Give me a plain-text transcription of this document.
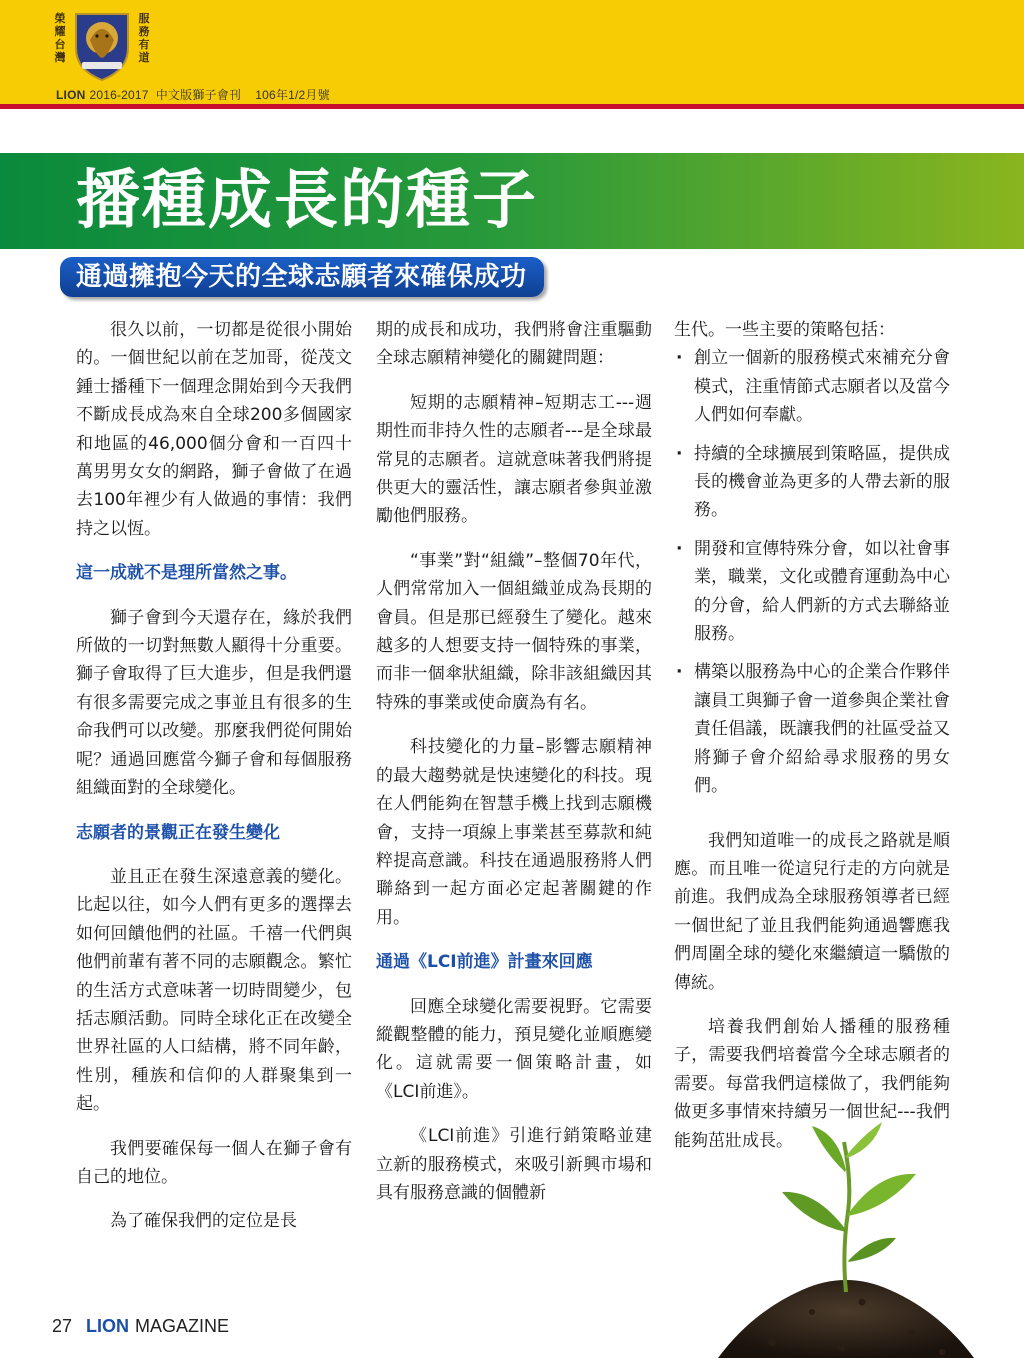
榮
耀
台
灣
服
務
有
道
LION 2016-2017  中文版獅子會刊    106年1/2月號
播種成長的種子
通過擁抱今天的全球志願者來確保成功

很久以前，一切都是從很小開始的。一個世紀以前在芝加哥，從茂文鍾士播種下一個理念開始到今天我們不斷成長成為來自全球200多個國家和地區的46,000個分會和一百四十萬男男女女的網路，獅子會做了在過去100年裡少有人做過的事情：我們持之以恆。

這一成就不是理所當然之事。

獅子會到今天還存在，緣於我們所做的一切對無數人顯得十分重要。獅子會取得了巨大進步，但是我們還有很多需要完成之事並且有很多的生命我們可以改變。那麼我們從何開始呢？通過回應當今獅子會和每個服務組織面對的全球變化。

志願者的景觀正在發生變化

並且正在發生深遠意義的變化。比起以往，如今人們有更多的選擇去如何回饋他們的社區。千禧一代們與他們前輩有著不同的志願觀念。繁忙的生活方式意味著一切時間變少，包括志願活動。同時全球化正在改變全世界社區的人口結構，將不同年齡，性別，種族和信仰的人群聚集到一起。

我們要確保每一個人在獅子會有自己的地位。

為了確保我們的定位是長

期的成長和成功，我們將會注重驅動全球志願精神變化的關鍵問題：

短期的志願精神–短期志工---週期性而非持久性的志願者---是全球最常見的志願者。這就意味著我們將提供更大的靈活性，讓志願者參與並激勵他們服務。

“事業”對“組織”–整個70年代，人們常常加入一個組織並成為長期的會員。但是那已經發生了變化。越來越多的人想要支持一個特殊的事業，而非一個傘狀組織，除非該組織因其特殊的事業或使命廣為有名。

科技變化的力量–影響志願精神的最大趨勢就是快速變化的科技。現在人們能夠在智慧手機上找到志願機會，支持一項線上事業甚至募款和純粹提高意識。科技在通過服務將人們聯絡到一起方面必定起著關鍵的作用。

通過《LCI前進》計畫來回應

回應全球變化需要視野。它需要縱觀整體的能力，預見變化並順應變化。這就需要一個策略計畫，如《LCI前進》。

《LCI前進》引進行銷策略並建立新的服務模式，來吸引新興市場和具有服務意識的個體新

生代。一些主要的策略包括：

· 創立一個新的服務模式來補充分會模式，注重情節式志願者以及當今人們如何奉獻。
· 持續的全球擴展到策略區，提供成長的機會並為更多的人帶去新的服務。
· 開發和宣傳特殊分會，如以社會事業，職業，文化或體育運動為中心的分會，給人們新的方式去聯絡並服務。
· 構築以服務為中心的企業合作夥伴讓員工與獅子會一道參與企業社會責任倡議，既讓我們的社區受益又將獅子會介紹給尋求服務的男女們。

我們知道唯一的成長之路就是順應。而且唯一從這兒行走的方向就是前進。我們成為全球服務領導者已經一個世紀了並且我們能夠通過響應我們周圍全球的變化來繼續這一驕傲的傳統。

培養我們創始人播種的服務種子，需要我們培養當今全球志願者的需要。每當我們這樣做了，我們能夠做更多事情來持續另一個世紀---我們能夠茁壯成長。

27 LION MAGAZINE
